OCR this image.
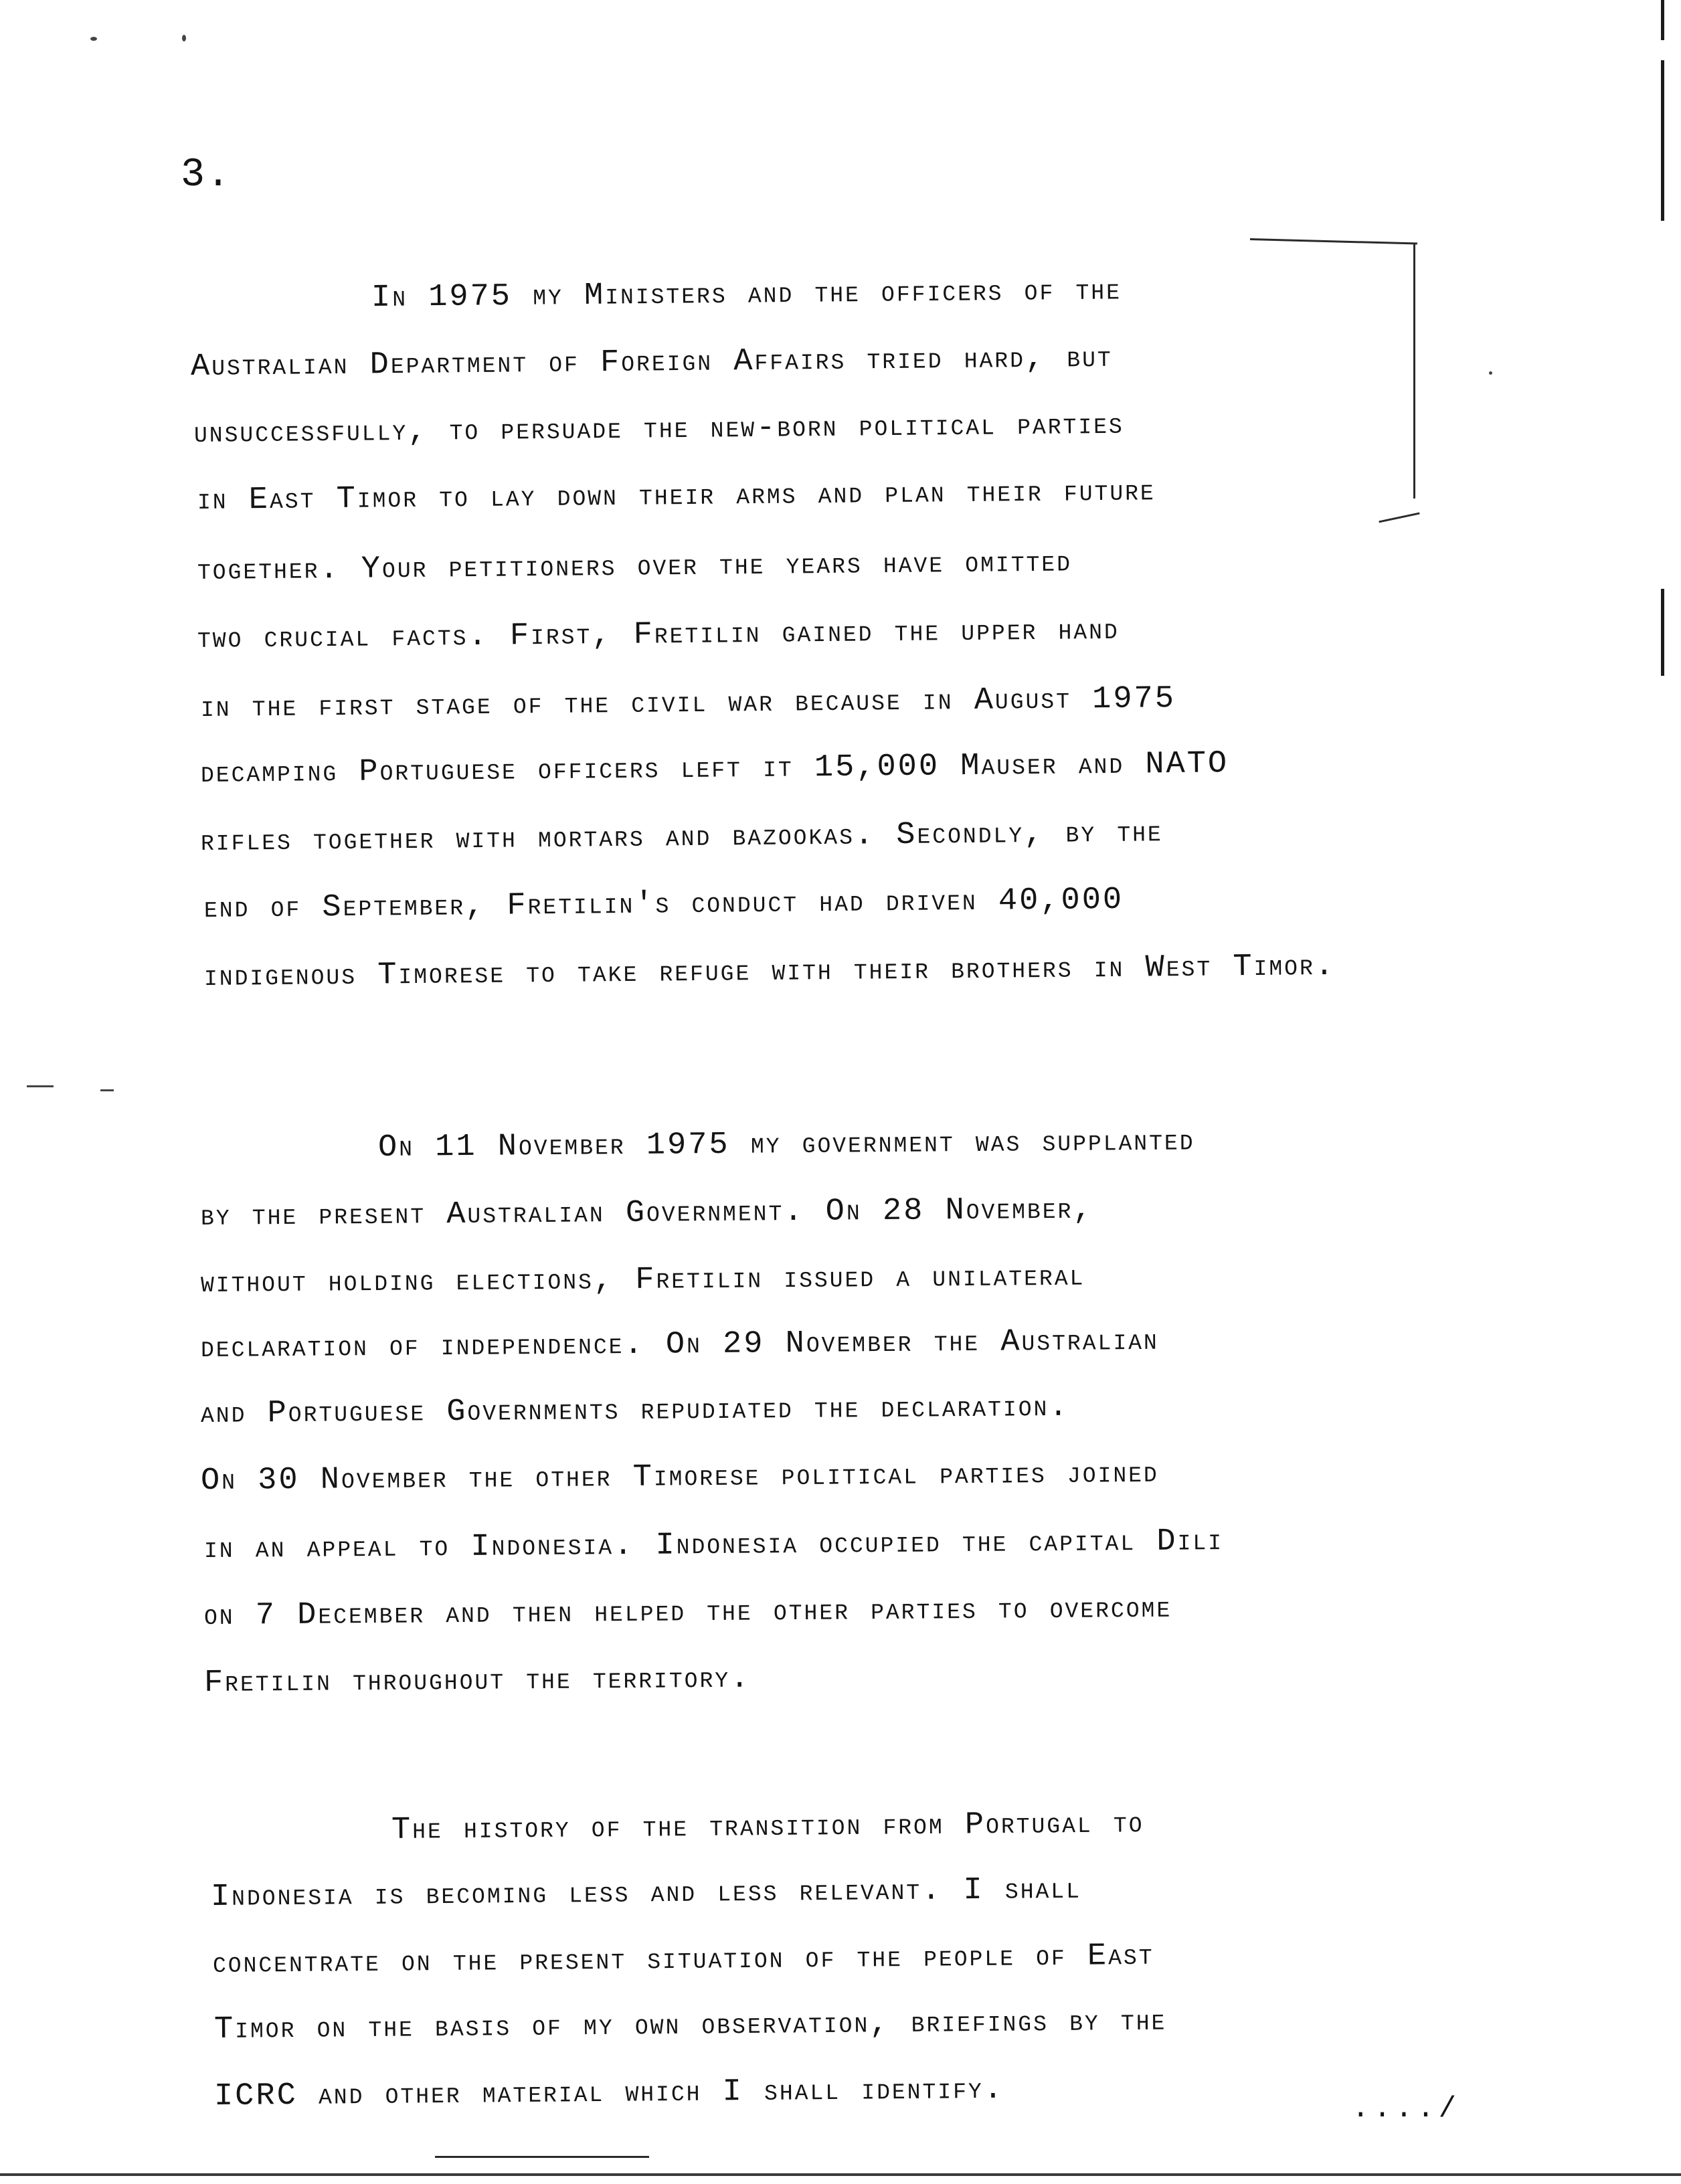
3.
In 1975 my Ministers and the officers of the
Australian Department of Foreign Affairs tried hard, but
unsuccessfully, to persuade the new-born political parties
in East Timor to lay down their arms and plan their future
together. Your petitioners over the years have omitted
two crucial facts. First, Fretilin gained the upper hand
in the first stage of the civil war because in August 1975
decamping Portuguese officers left it 15,000 Mauser and NATO
rifles together with mortars and bazookas. Secondly, by the
end of September, Fretilin's conduct had driven 40,000
indigenous Timorese to take refuge with their brothers in West Timor.
On 11 November 1975 my government was supplanted
by the present Australian Government. On 28 November,
without holding elections, Fretilin issued a unilateral
declaration of independence. On 29 November the Australian
and Portuguese Governments repudiated the declaration.
On 30 November the other Timorese political parties joined
in an appeal to Indonesia. Indonesia occupied the capital Dili
on 7 December and then helped the other parties to overcome
Fretilin throughout the territory.
The history of the transition from Portugal to
Indonesia is becoming less and less relevant. I shall
concentrate on the present situation of the people of East
Timor on the basis of my own observation, briefings by the
ICRC and other material which I shall identify.	..../
